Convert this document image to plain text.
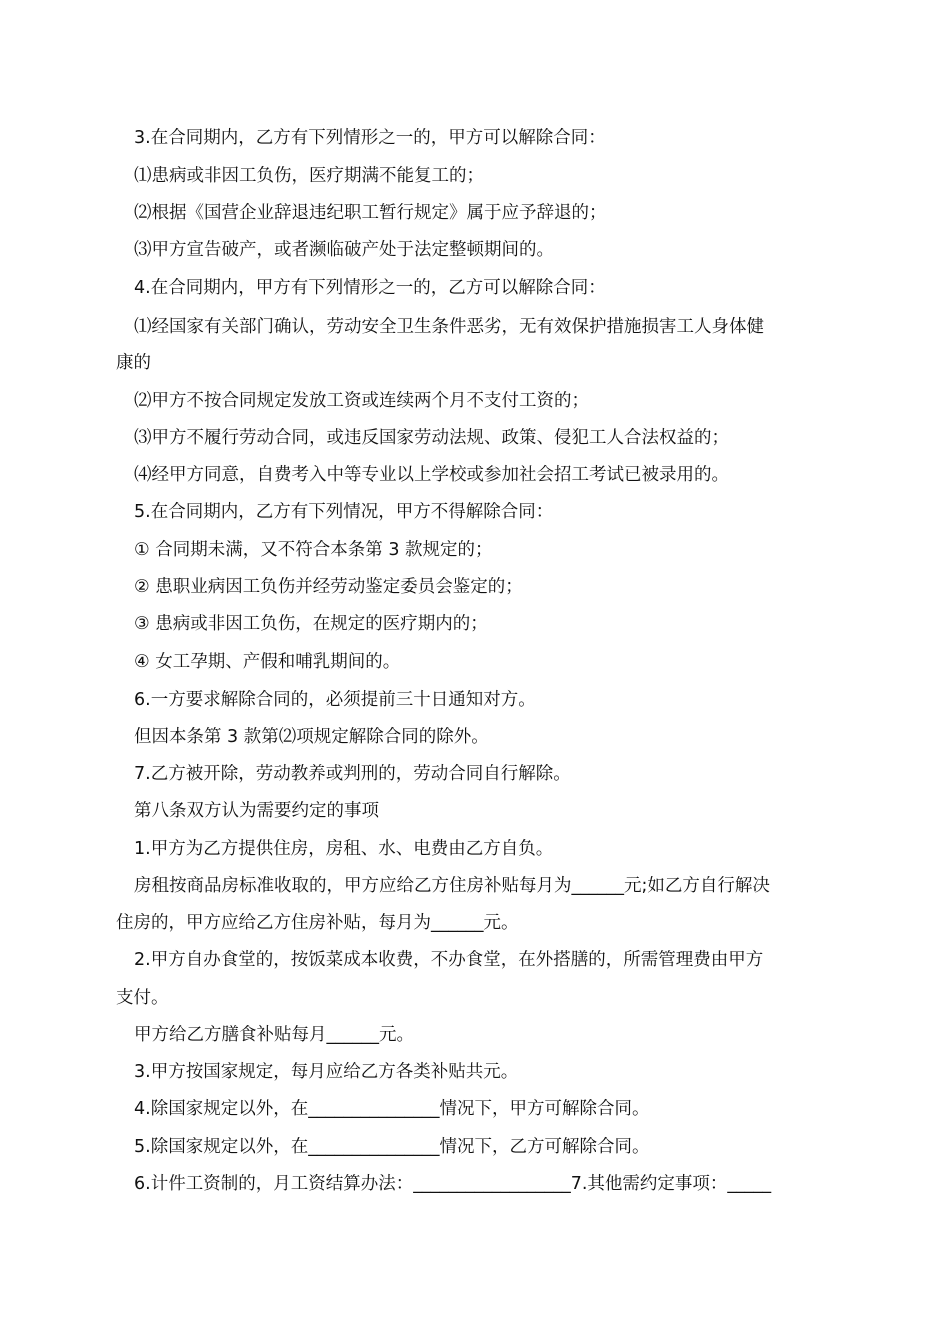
3.在合同期内，乙方有下列情形之一的，甲方可以解除合同：
⑴患病或非因工负伤，医疗期满不能复工的；
⑵根据《国营企业辞退违纪职工暂行规定》属于应予辞退的；
⑶甲方宣告破产，或者濒临破产处于法定整顿期间的。
4.在合同期内，甲方有下列情形之一的，乙方可以解除合同：
⑴经国家有关部门确认，劳动安全卫生条件恶劣，无有效保护措施损害工人身体健
康的
⑵甲方不按合同规定发放工资或连续两个月不支付工资的；
⑶甲方不履行劳动合同，或违反国家劳动法规、政策、侵犯工人合法权益的；
⑷经甲方同意，自费考入中等专业以上学校或参加社会招工考试已被录用的。
5.在合同期内，乙方有下列情况，甲方不得解除合同：
① 合同期未满，又不符合本条第 3 款规定的；
② 患职业病因工负伤并经劳动鉴定委员会鉴定的；
③ 患病或非因工负伤，在规定的医疗期内的；
④ 女工孕期、产假和哺乳期间的。
6.一方要求解除合同的，必须提前三十日通知对方。
但因本条第 3 款第⑵项规定解除合同的除外。
7.乙方被开除，劳动教养或判刑的，劳动合同自行解除。
第八条双方认为需要约定的事项
1.甲方为乙方提供住房，房租、水、电费由乙方自负。
房租按商品房标准收取的，甲方应给乙方住房补贴每月为______元;如乙方自行解决
住房的，甲方应给乙方住房补贴，每月为______元。
2.甲方自办食堂的，按饭菜成本收费，不办食堂，在外搭膳的，所需管理费由甲方
支付。
甲方给乙方膳食补贴每月______元。
3.甲方按国家规定，每月应给乙方各类补贴共元。
4.除国家规定以外，在_______________情况下，甲方可解除合同。
5.除国家规定以外，在_______________情况下，乙方可解除合同。
6.计件工资制的，月工资结算办法：__________________7.其他需约定事项：_____
